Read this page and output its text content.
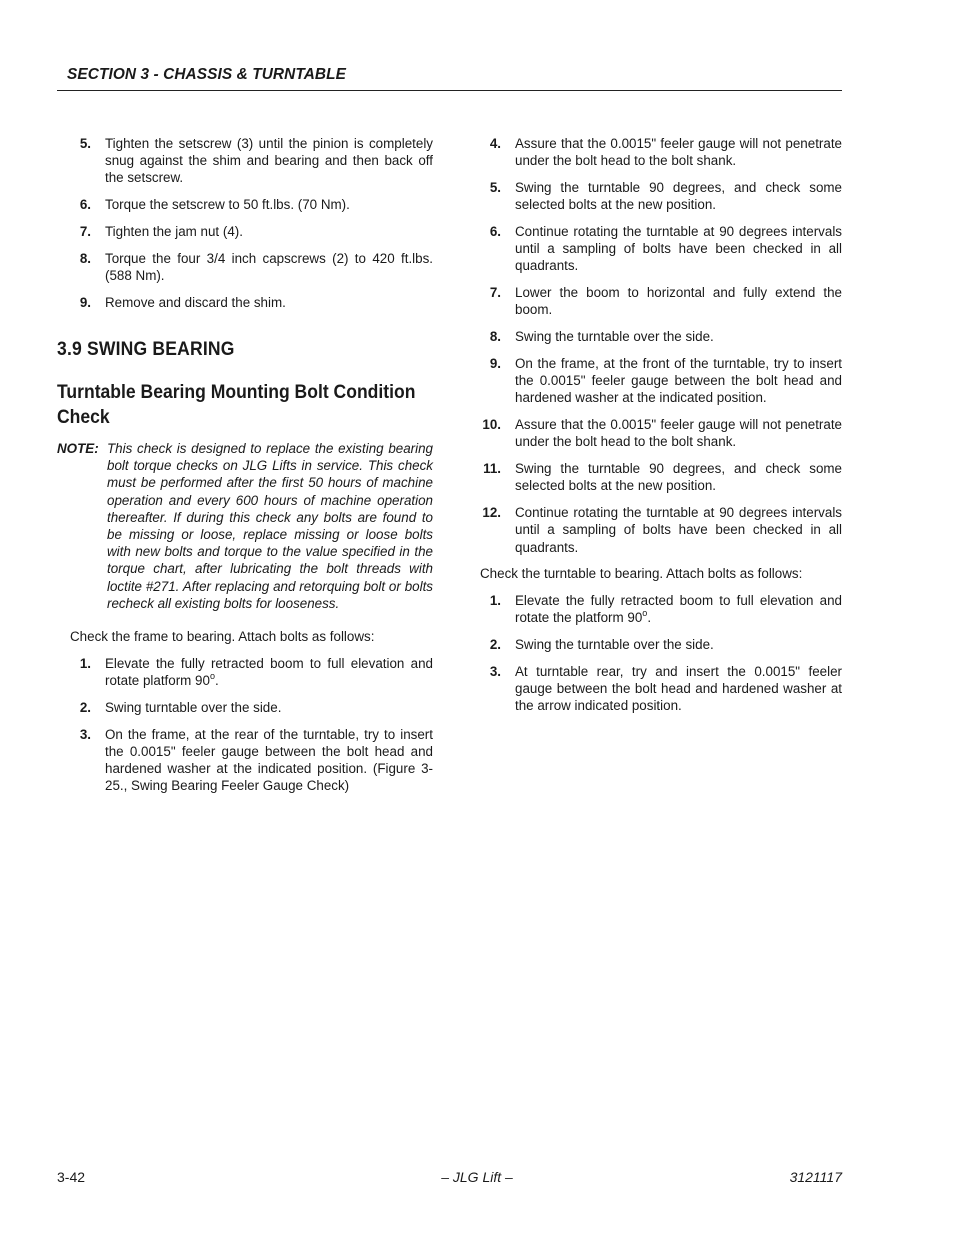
SECTION 3 - CHASSIS & TURNTABLE
5.	Tighten the setscrew (3) until the pinion is completely snug against the shim and bearing and then back off the setscrew.
6.	Torque the setscrew to 50 ft.lbs. (70 Nm).
7.	Tighten the jam nut (4).
8.	Torque the four 3/4 inch capscrews (2) to 420 ft.lbs. (588 Nm).
9.	Remove and discard the shim.
3.9 SWING BEARING
Turntable Bearing Mounting Bolt Condition Check
NOTE: This check is designed to replace the existing bearing bolt torque checks on JLG Lifts in service. This check must be performed after the first 50 hours of machine operation and every 600 hours of machine operation thereafter. If during this check any bolts are found to be missing or loose, replace missing or loose bolts with new bolts and torque to the value specified in the torque chart, after lubricating the bolt threads with loctite #271. After replacing and retorquing bolt or bolts recheck all existing bolts for looseness.
Check the frame to bearing. Attach bolts as follows:
1.	Elevate the fully retracted boom to full elevation and rotate platform 90$^o$.
2.	Swing turntable over the side.
3.	On the frame, at the rear of the turntable, try to insert the 0.0015" feeler gauge between the bolt head and hardened washer at the indicated position. (Figure 3-25., Swing Bearing Feeler Gauge Check)
4.	Assure that the 0.0015" feeler gauge will not penetrate under the bolt head to the bolt shank.
5.	Swing the turntable 90 degrees, and check some selected bolts at the new position.
6.	Continue rotating the turntable at 90 degrees intervals until a sampling of bolts have been checked in all quadrants.
7.	Lower the boom to horizontal and fully extend the boom.
8.	Swing the turntable over the side.
9.	On the frame, at the front of the turntable, try to insert the 0.0015" feeler gauge between the bolt head and hardened washer at the indicated position.
10.	Assure that the 0.0015" feeler gauge will not penetrate under the bolt head to the bolt shank.
11.	Swing the turntable 90 degrees, and check some selected bolts at the new position.
12.	Continue rotating the turntable at 90 degrees intervals until a sampling of bolts have been checked in all quadrants.
Check the turntable to bearing. Attach bolts as follows:
1.	Elevate the fully retracted boom to full elevation and rotate the platform 90$^o$.
2.	Swing the turntable over the side.
3.	At turntable rear, try and insert the 0.0015" feeler gauge between the bolt head and hardened washer at the arrow indicated position.
3-42	– JLG Lift –	3121117
